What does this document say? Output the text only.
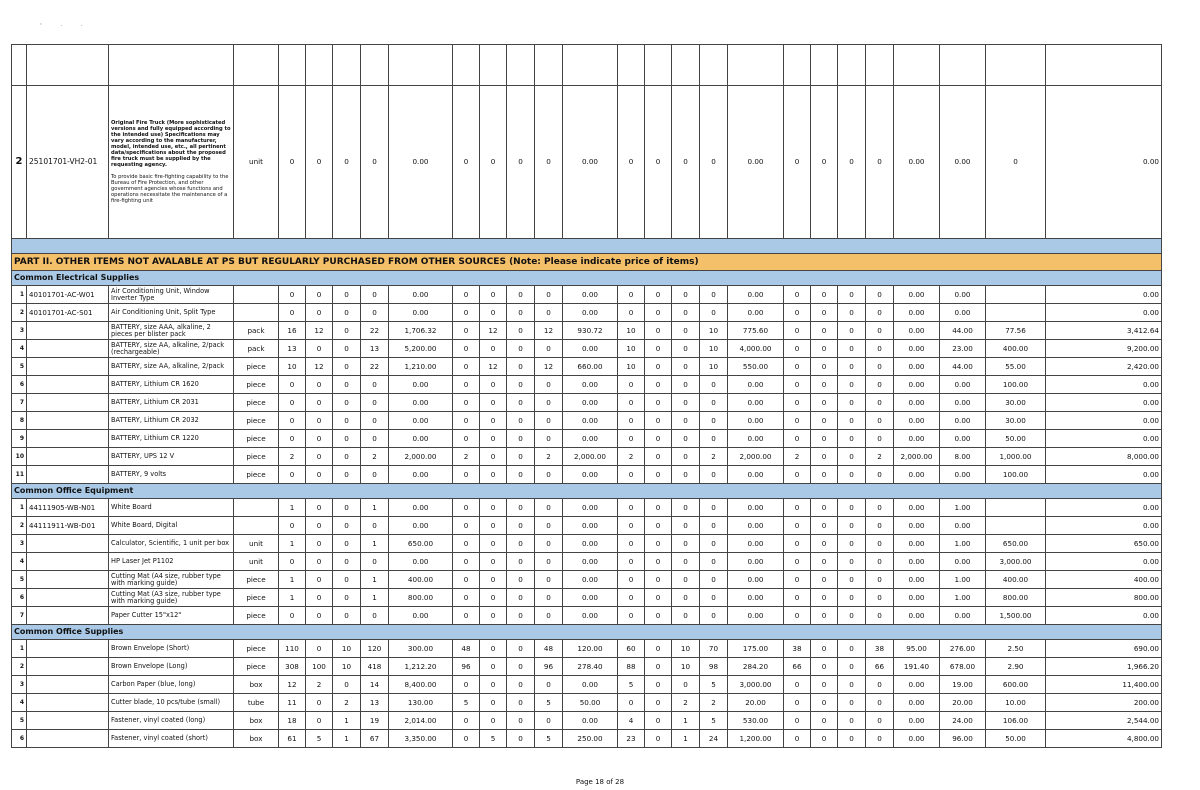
' · ·

2	25101701-VH2-01	Original Fire Truck (More sophisticated versions and fully equipped according to the intended use) Specifications may vary according to the manufacturer, model, intended use, etc., all pertinent data/specifications about the proposed fire truck must be supplied by the requesting agency.

To provide basic fire-fighting capability to the Bureau of Fire Protection, and other government agencies whose functions and operations necessitate the maintenance of a fire-fighting unit	unit	0	0	0	0	0.00	0	0	0	0	0.00	0	0	0	0	0.00	0	0	0	0	0.00	0.00	0	0.00

PART II. OTHER ITEMS NOT AVALABLE AT PS BUT REGULARLY PURCHASED FROM OTHER SOURCES (Note: Please indicate price of items)																										
Common Electrical Supplies																										
1	40101701-AC-W01	Air Conditioning Unit, Window Inverter Type		0	0	0	0	0.00	0	0	0	0	0.00	0	0	0	0	0.00	0	0	0	0	0.00	0.00		0.00
2	40101701-AC-S01	Air Conditioning Unit, Split Type		0	0	0	0	0.00	0	0	0	0	0.00	0	0	0	0	0.00	0	0	0	0	0.00	0.00		0.00
3		BATTERY, size AAA, alkaline, 2 pieces per blister pack	pack	16	12	0	22	1,706.32	0	12	0	12	930.72	10	0	0	10	775.60	0	0	0	0	0.00	44.00	77.56	3,412.64
4		BATTERY, size AA, alkaline, 2/pack (rechargeable)	pack	13	0	0	13	5,200.00	0	0	0	0	0.00	10	0	0	10	4,000.00	0	0	0	0	0.00	23.00	400.00	9,200.00
5		BATTERY, size AA, alkaline, 2/pack	piece	10	12	0	22	1,210.00	0	12	0	12	660.00	10	0	0	10	550.00	0	0	0	0	0.00	44.00	55.00	2,420.00
6		BATTERY, Lithium CR 1620	piece	0	0	0	0	0.00	0	0	0	0	0.00	0	0	0	0	0.00	0	0	0	0	0.00	0.00	100.00	0.00
7		BATTERY, Lithium CR 2031	piece	0	0	0	0	0.00	0	0	0	0	0.00	0	0	0	0	0.00	0	0	0	0	0.00	0.00	30.00	0.00
8		BATTERY, Lithium CR 2032	piece	0	0	0	0	0.00	0	0	0	0	0.00	0	0	0	0	0.00	0	0	0	0	0.00	0.00	30.00	0.00
9		BATTERY, Lithium CR 1220	piece	0	0	0	0	0.00	0	0	0	0	0.00	0	0	0	0	0.00	0	0	0	0	0.00	0.00	50.00	0.00
10		BATTERY, UPS 12 V	piece	2	0	0	2	2,000.00	2	0	0	2	2,000.00	2	0	0	2	2,000.00	2	0	0	2	2,000.00	8.00	1,000.00	8,000.00
11		BATTERY, 9 volts	piece	0	0	0	0	0.00	0	0	0	0	0.00	0	0	0	0	0.00	0	0	0	0	0.00	0.00	100.00	0.00
Common Office Equipment																										
1	44111905-WB-N01	White Board		1	0	0	1	0.00	0	0	0	0	0.00	0	0	0	0	0.00	0	0	0	0	0.00	1.00		0.00
2	44111911-WB-D01	White Board, Digital		0	0	0	0	0.00	0	0	0	0	0.00	0	0	0	0	0.00	0	0	0	0	0.00	0.00		0.00
3		Calculator, Scientific, 1 unit per box	unit	1	0	0	1	650.00	0	0	0	0	0.00	0	0	0	0	0.00	0	0	0	0	0.00	1.00	650.00	650.00
4		HP Laser Jet P1102	unit	0	0	0	0	0.00	0	0	0	0	0.00	0	0	0	0	0.00	0	0	0	0	0.00	0.00	3,000.00	0.00
5		Cutting Mat (A4 size, rubber type with marking guide)	piece	1	0	0	1	400.00	0	0	0	0	0.00	0	0	0	0	0.00	0	0	0	0	0.00	1.00	400.00	400.00
6		Cutting Mat (A3 size, rubber type with marking guide)	piece	1	0	0	1	800.00	0	0	0	0	0.00	0	0	0	0	0.00	0	0	0	0	0.00	1.00	800.00	800.00
7		Paper Cutter 15"x12"	piece	0	0	0	0	0.00	0	0	0	0	0.00	0	0	0	0	0.00	0	0	0	0	0.00	0.00	1,500.00	0.00
Common Office Supplies																										
1		Brown Envelope (Short)	piece	110	0	10	120	300.00	48	0	0	48	120.00	60	0	10	70	175.00	38	0	0	38	95.00	276.00	2.50	690.00
2		Brown Envelope (Long)	piece	308	100	10	418	1,212.20	96	0	0	96	278.40	88	0	10	98	284.20	66	0	0	66	191.40	678.00	2.90	1,966.20
3		Carbon Paper (blue, long)	box	12	2	0	14	8,400.00	0	0	0	0	0.00	5	0	0	5	3,000.00	0	0	0	0	0.00	19.00	600.00	11,400.00
4		Cutter blade, 10 pcs/tube (small)	tube	11	0	2	13	130.00	5	0	0	5	50.00	0	0	2	2	20.00	0	0	0	0	0.00	20.00	10.00	200.00
5		Fastener, vinyl coated (long)	box	18	0	1	19	2,014.00	0	0	0	0	0.00	4	0	1	5	530.00	0	0	0	0	0.00	24.00	106.00	2,544.00
6		Fastener, vinyl coated (short)	box	61	5	1	67	3,350.00	0	5	0	5	250.00	23	0	1	24	1,200.00	0	0	0	0	0.00	96.00	50.00	4,800.00
Page 18 of 28
